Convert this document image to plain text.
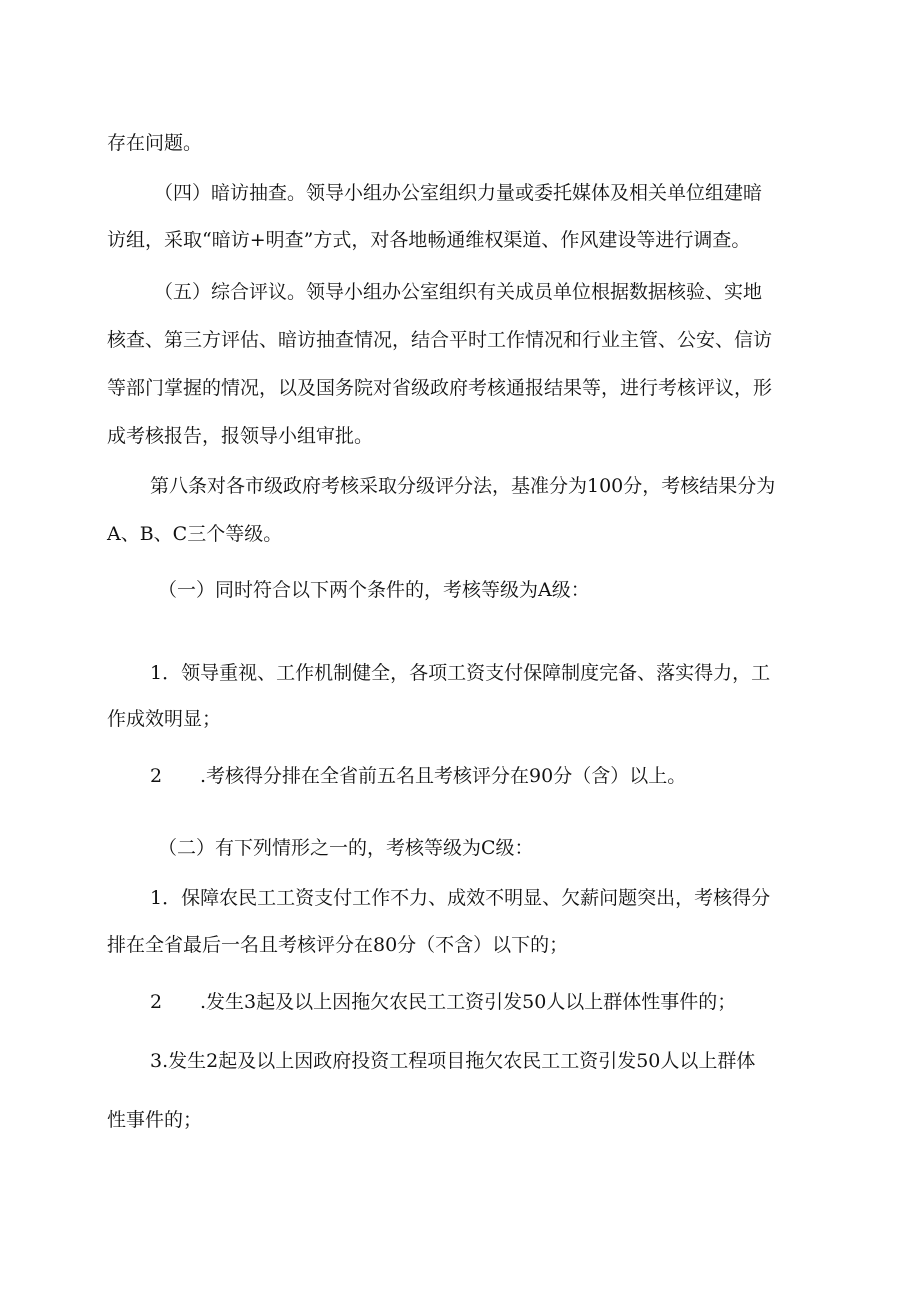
存在问题。
（四）暗访抽查。领导小组办公室组织力量或委托媒体及相关单位组建暗
访组，采取“暗访+明查”方式，对各地畅通维权渠道、作风建设等进行调查。
（五）综合评议。领导小组办公室组织有关成员单位根据数据核验、实地
核查、第三方评估、暗访抽查情况，结合平时工作情况和行业主管、公安、信访
等部门掌握的情况，以及国务院对省级政府考核通报结果等，进行考核评议，形
成考核报告，报领导小组审批。
第八条对各市级政府考核采取分级评分法，基准分为100分，考核结果分为
A、B、C三个等级。
（一）同时符合以下两个条件的，考核等级为A级：
1．领导重视、工作机制健全，各项工资支付保障制度完备、落实得力，工
作成效明显；
2 .考核得分排在全省前五名且考核评分在90分（含）以上。
（二）有下列情形之一的，考核等级为C级：
1．保障农民工工资支付工作不力、成效不明显、欠薪问题突出，考核得分
排在全省最后一名且考核评分在80分（不含）以下的；
2 .发生3起及以上因拖欠农民工工资引发50人以上群体性事件的；
3.发生2起及以上因政府投资工程项目拖欠农民工工资引发50人以上群体
性事件的；
